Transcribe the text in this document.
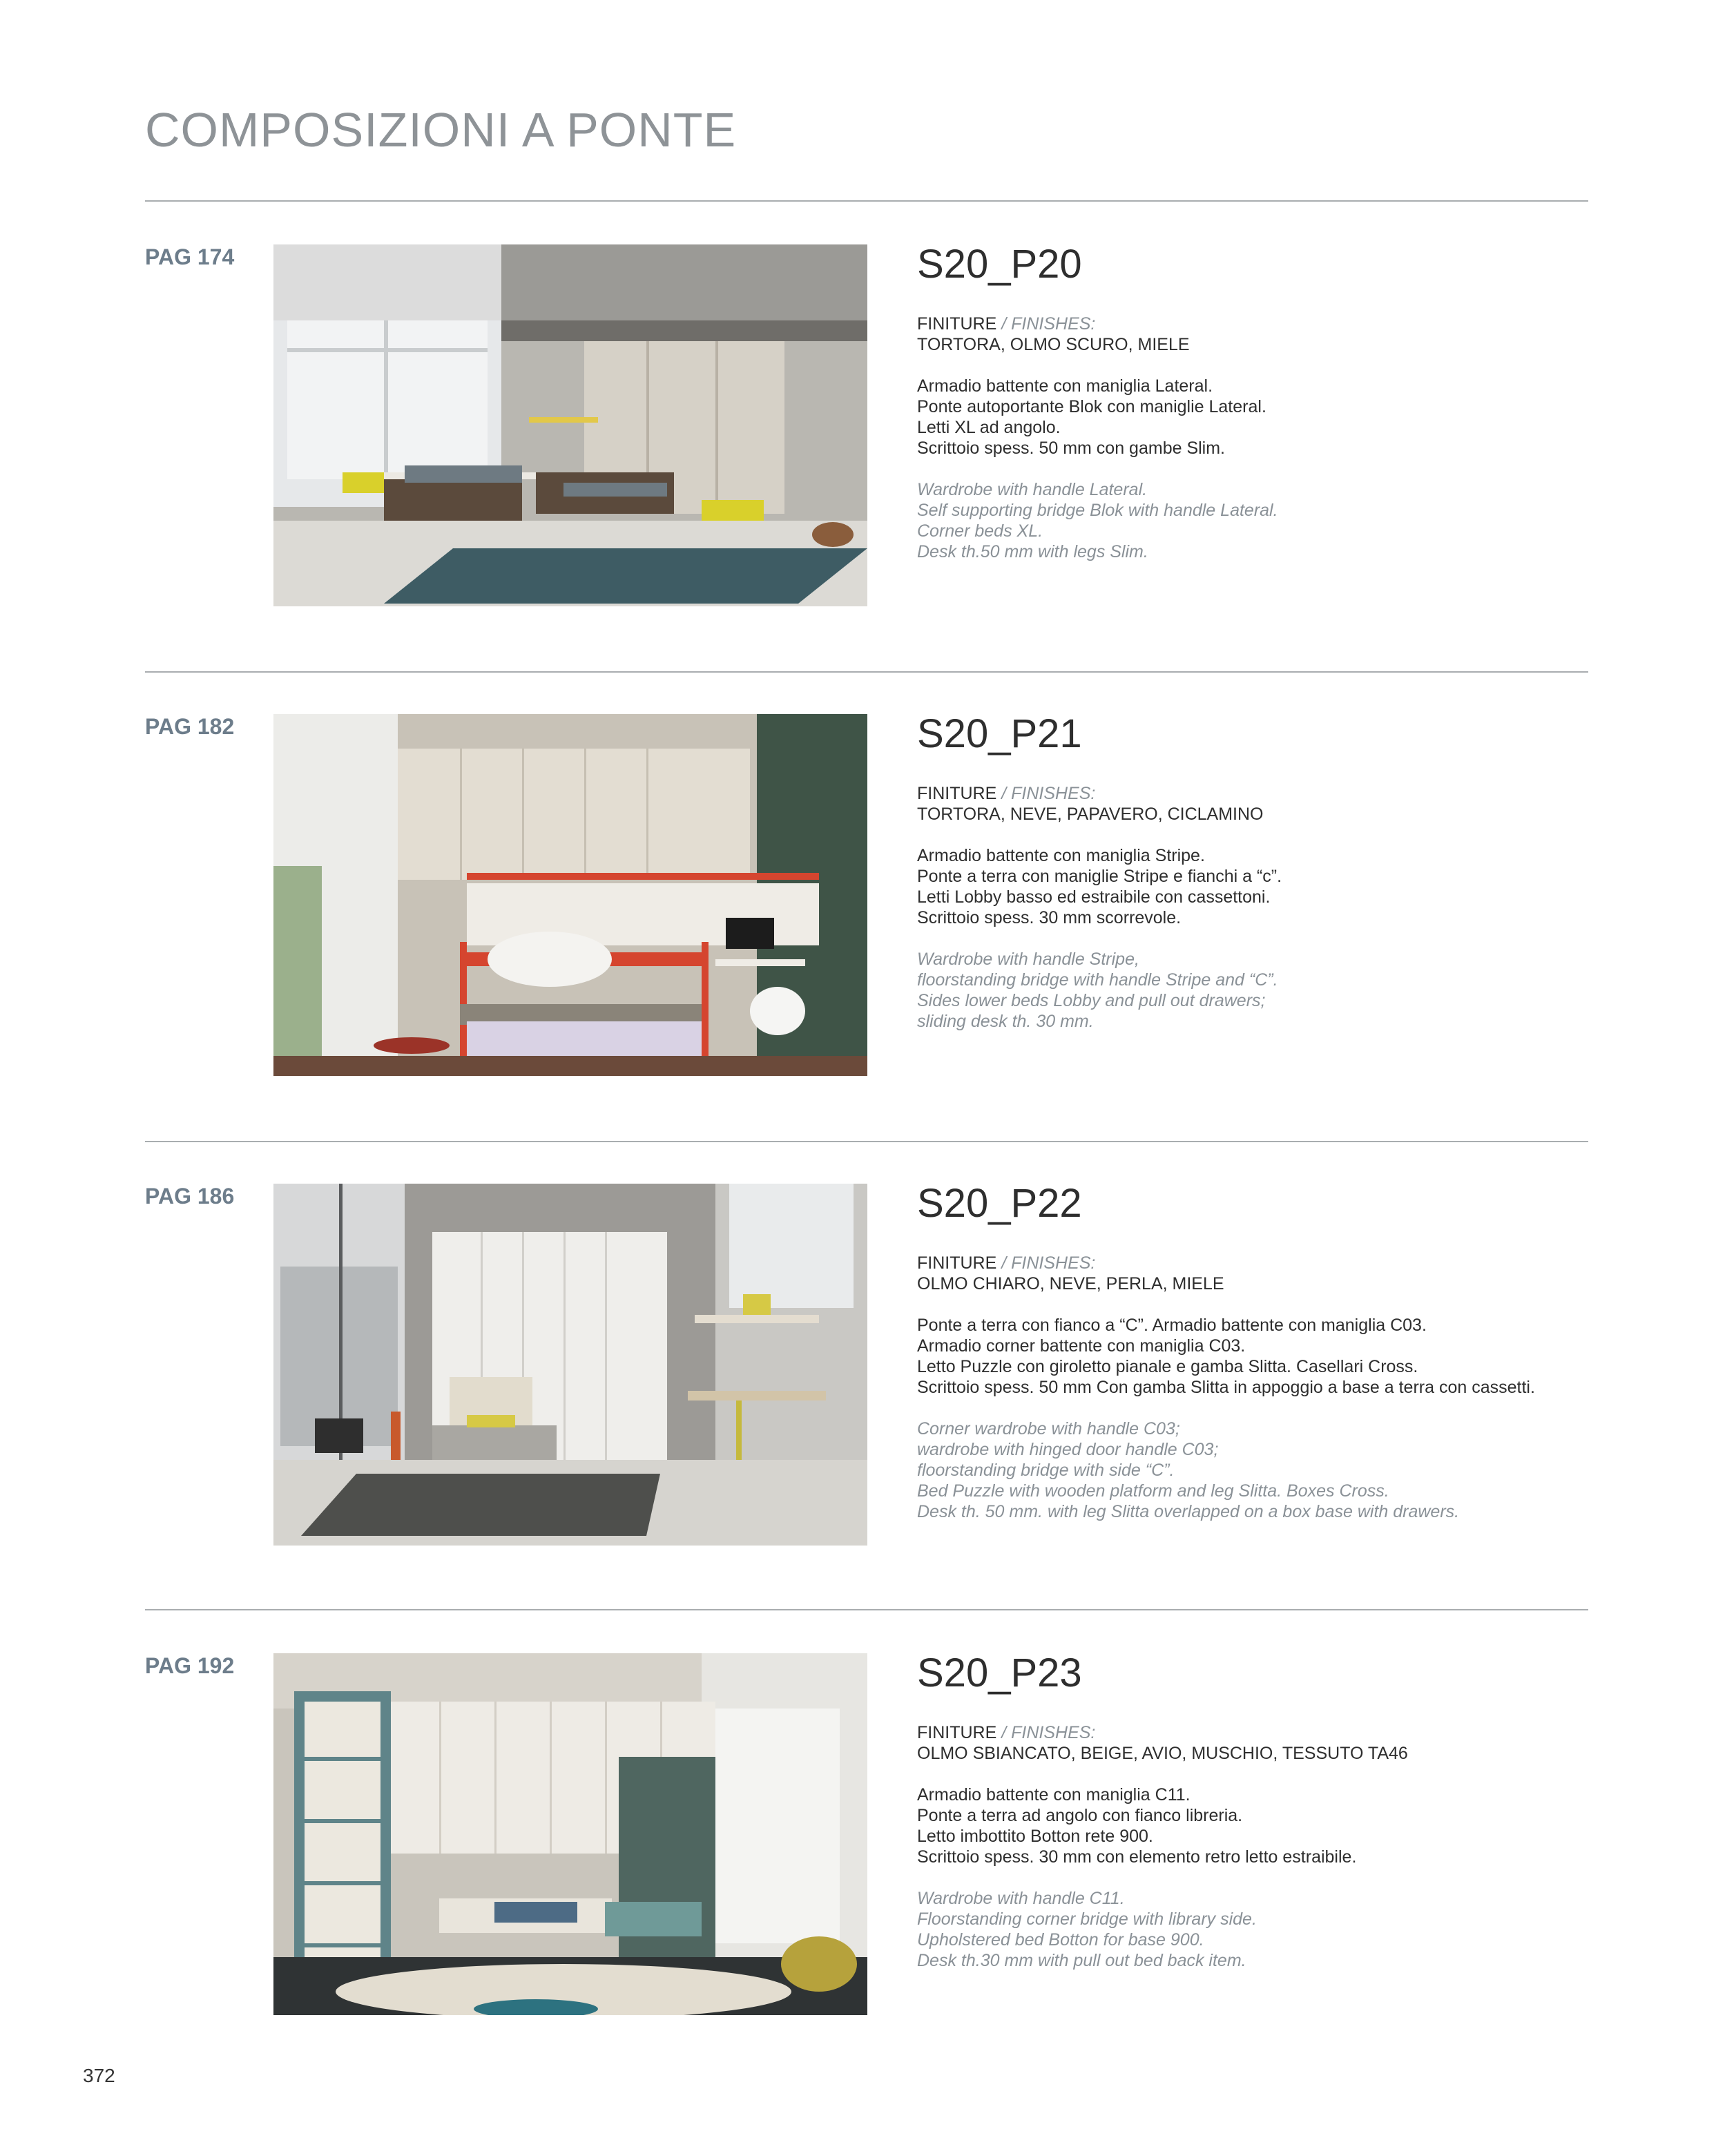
COMPOSIZIONI A PONTE
PAG 174	S20_P20
FINITURE / FINISHES:
TORTORA, OLMO SCURO, MIELE
Armadio battente con maniglia Lateral.
Ponte autoportante Blok con maniglie Lateral.
Letti XL ad angolo.
Scrittoio spess. 50 mm con gambe Slim.
Wardrobe with handle Lateral.
Self supporting bridge Blok with handle Lateral.
Corner beds XL.
Desk th.50 mm with legs Slim.
PAG 182	S20_P21
FINITURE / FINISHES:
TORTORA, NEVE, PAPAVERO, CICLAMINO
Armadio battente con maniglia Stripe.
Ponte a terra con maniglie Stripe e fianchi a “c”.
Letti Lobby basso ed estraibile con cassettoni.
Scrittoio spess. 30 mm scorrevole.
Wardrobe with handle Stripe,
floorstanding bridge with handle Stripe and “C”.
Sides lower beds Lobby and pull out drawers;
sliding desk th. 30 mm.
PAG 186	S20_P22
FINITURE / FINISHES:
OLMO CHIARO, NEVE, PERLA, MIELE
Ponte a terra con fianco a “C”. Armadio battente con maniglia C03.
Armadio corner battente con maniglia C03.
Letto Puzzle con giroletto pianale e gamba Slitta. Casellari Cross.
Scrittoio spess. 50 mm Con gamba Slitta in appoggio a base a terra con cassetti.
Corner wardrobe with handle C03;
wardrobe with hinged door handle C03;
floorstanding bridge with side “C”.
Bed Puzzle with wooden platform and leg Slitta. Boxes Cross.
Desk th. 50 mm. with leg Slitta overlapped on a box base with drawers.
PAG 192	S20_P23
FINITURE / FINISHES:
OLMO SBIANCATO, BEIGE, AVIO, MUSCHIO, TESSUTO TA46
Armadio battente con maniglia C11.
Ponte a terra ad angolo con fianco libreria.
Letto imbottito Botton rete 900.
Scrittoio spess. 30 mm con elemento retro letto estraibile.
Wardrobe with handle C11.
Floorstanding corner bridge with library side.
Upholstered bed Botton for base 900.
Desk th.30 mm with pull out bed back item.
372
